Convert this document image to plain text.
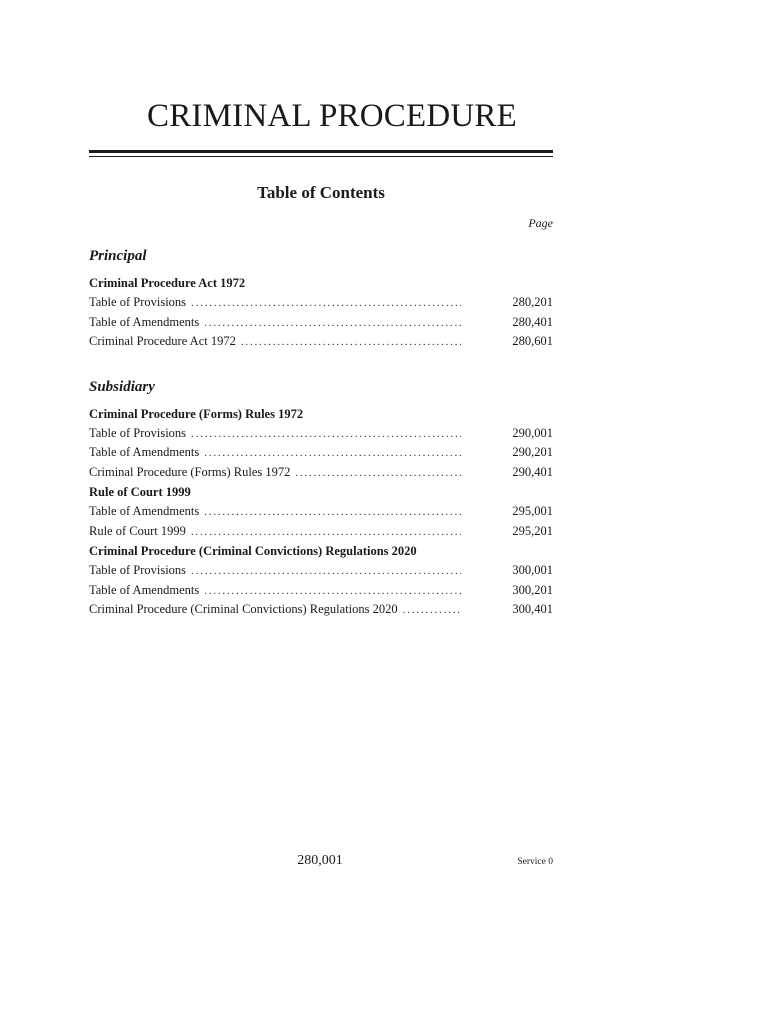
CRIMINAL PROCEDURE
Table of Contents
Page
Principal
Criminal Procedure Act 1972
Table of Provisions .....	280,201
Table of Amendments .....	280,401
Criminal Procedure Act 1972 .....	280,601
Subsidiary
Criminal Procedure (Forms) Rules 1972
Table of Provisions .....	290,001
Table of Amendments .....	290,201
Criminal Procedure (Forms) Rules 1972 .....	290,401
Rule of Court 1999
Table of Amendments .....	295,001
Rule of Court 1999 .....	295,201
Criminal Procedure (Criminal Convictions) Regulations 2020
Table of Provisions .....	300,001
Table of Amendments .....	300,201
Criminal Procedure (Criminal Convictions) Regulations 2020 .....	300,401
280,001	Service 0
